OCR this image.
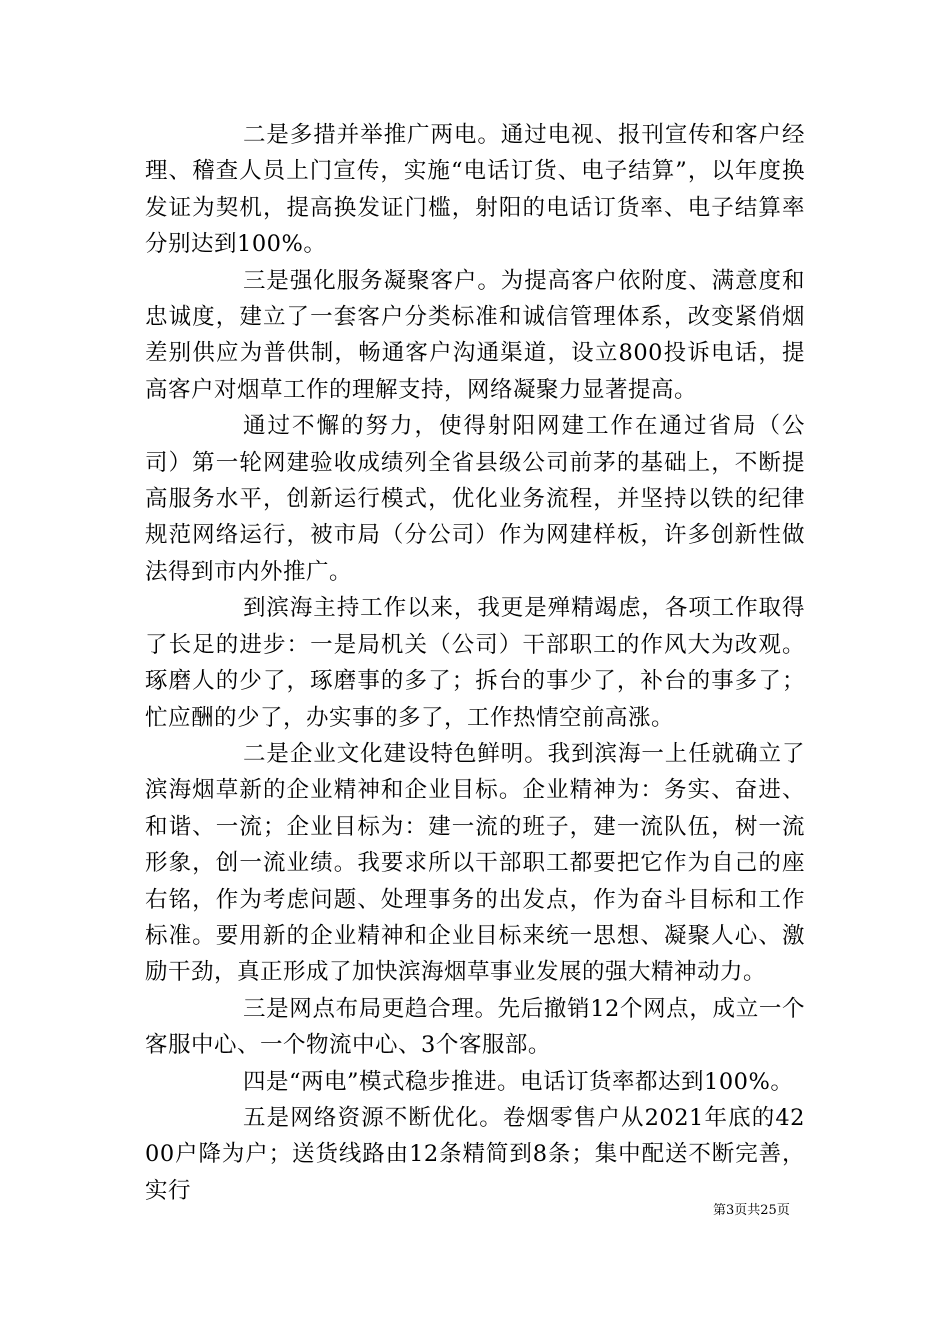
二是多措并举推广两电。通过电视、报刊宣传和客户经理、稽查人员上门宣传，实施“电话订货、电子结算”，以年度换发证为契机，提高换发证门槛，射阳的电话订货率、电子结算率分别达到100%。

三是强化服务凝聚客户。为提高客户依附度、满意度和忠诚度，建立了一套客户分类标准和诚信管理体系，改变紧俏烟差别供应为普供制，畅通客户沟通渠道，设立800投诉电话，提高客户对烟草工作的理解支持，网络凝聚力显著提高。

通过不懈的努力，使得射阳网建工作在通过省局（公司）第一轮网建验收成绩列全省县级公司前茅的基础上，不断提高服务水平，创新运行模式，优化业务流程，并坚持以铁的纪律规范网络运行，被市局（分公司）作为网建样板，许多创新性做法得到市内外推广。

到滨海主持工作以来，我更是殚精竭虑，各项工作取得了长足的进步：一是局机关（公司）干部职工的作风大为改观。琢磨人的少了，琢磨事的多了；拆台的事少了，补台的事多了；忙应酬的少了，办实事的多了，工作热情空前高涨。

二是企业文化建设特色鲜明。我到滨海一上任就确立了滨海烟草新的企业精神和企业目标。企业精神为：务实、奋进、和谐、一流；企业目标为：建一流的班子，建一流队伍，树一流形象，创一流业绩。我要求所以干部职工都要把它作为自己的座右铭，作为考虑问题、处理事务的出发点，作为奋斗目标和工作标准。要用新的企业精神和企业目标来统一思想、凝聚人心、激励干劲，真正形成了加快滨海烟草事业发展的强大精神动力。

三是网点布局更趋合理。先后撤销12个网点，成立一个客服中心、一个物流中心、3个客服部。

四是“两电”模式稳步推进。电话订货率都达到100%。

五是网络资源不断优化。卷烟零售户从2021年底的4200户降为户；送货线路由12条精简到8条；集中配送不断完善，实行

第3页共25页
